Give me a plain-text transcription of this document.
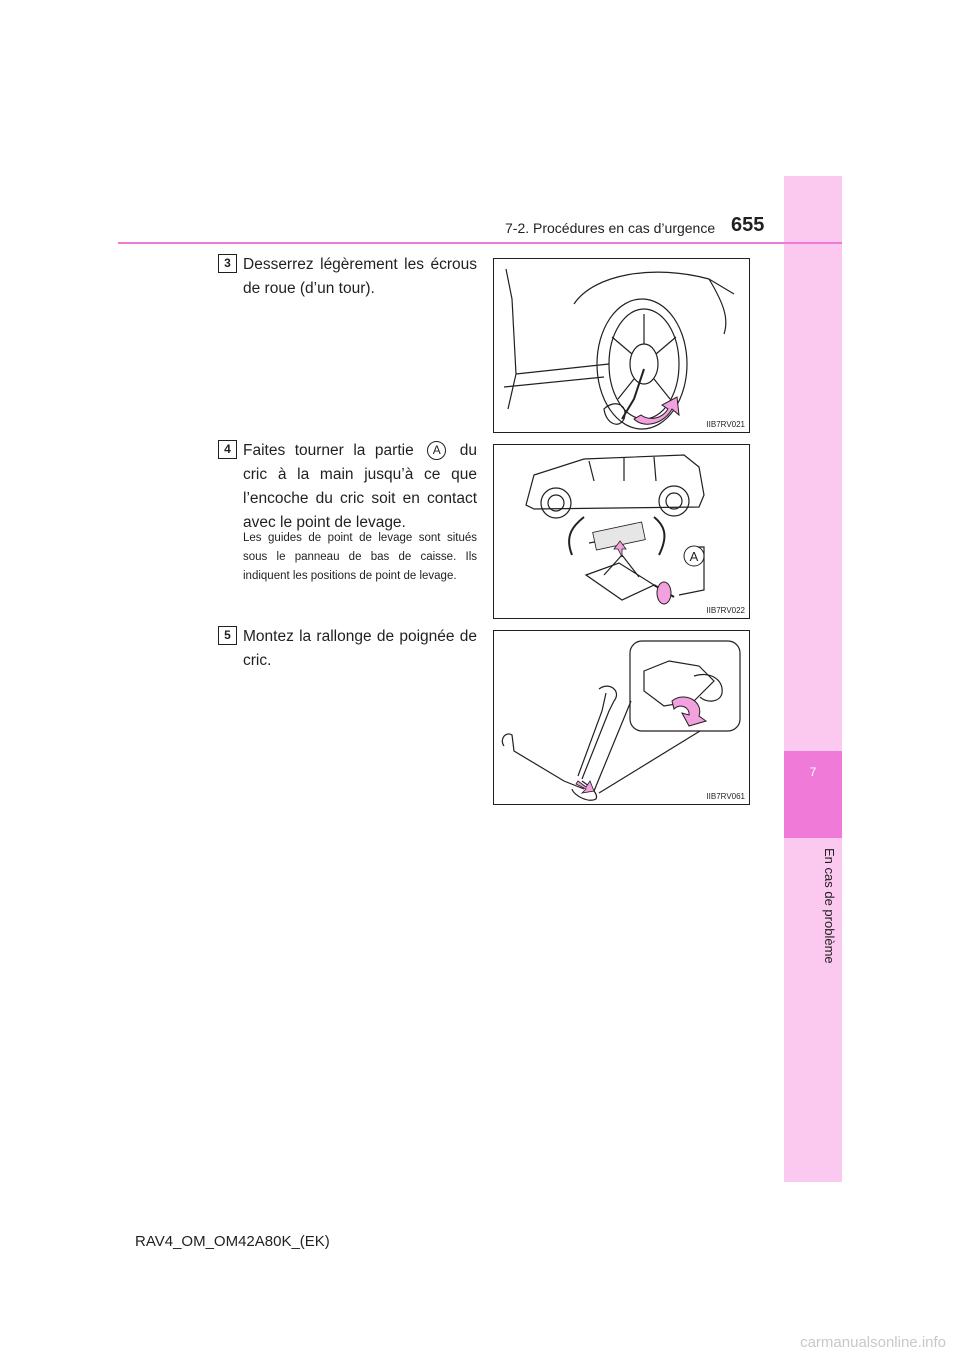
7
En cas de problème
7-2. Procédures en cas d’urgence 655
3 Desserrez légèrement les écrous de roue (d’un tour).
IIB7RV021
4 Faites tourner la partie A du cric à la main jusqu’à ce que l’encoche du cric soit en contact avec le point de levage.
Les guides de point de levage sont situés sous le panneau de bas de caisse. Ils indiquent les positions de point de levage.
A
IIB7RV022
5 Montez la rallonge de poignée de cric.
IIB7RV061
RAV4_OM_OM42A80K_(EK)
carmanualsonline.info
